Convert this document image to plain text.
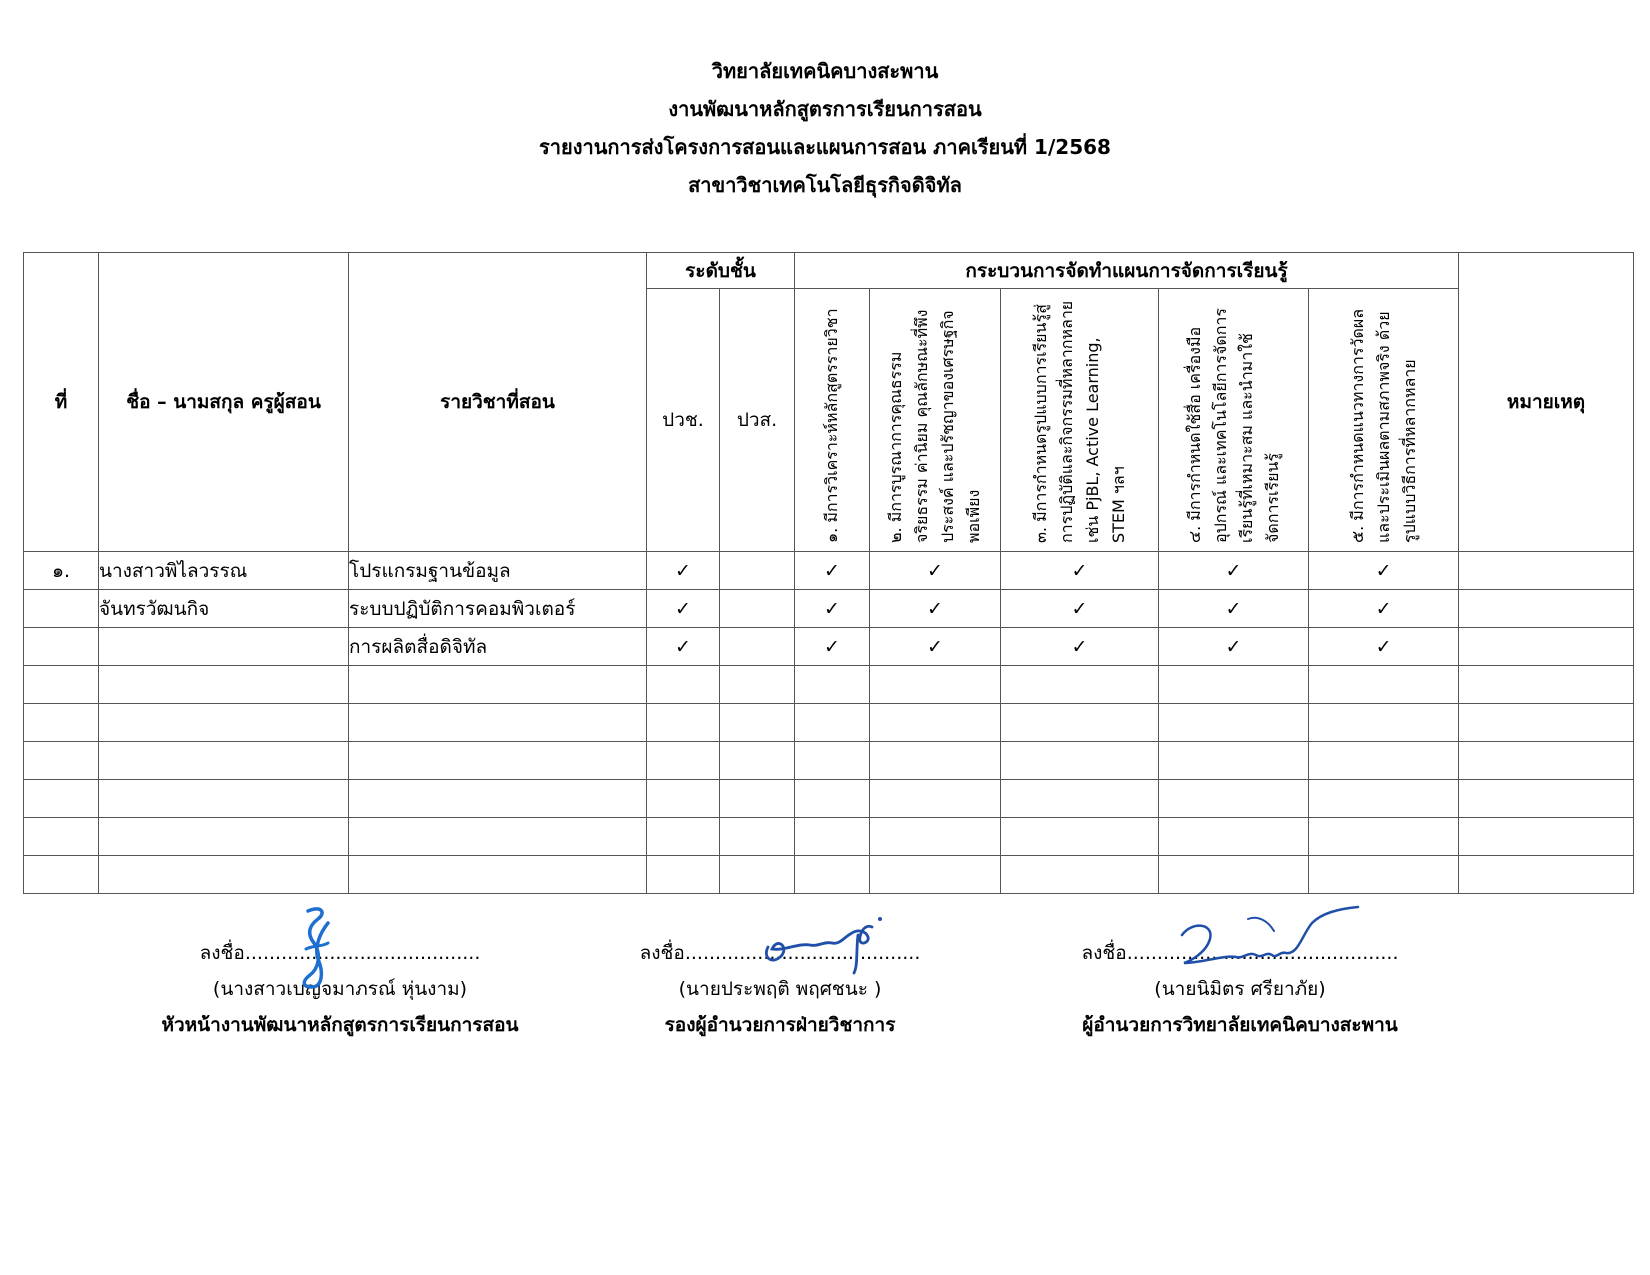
วิทยาลัยเทคนิคบางสะพาน
งานพัฒนาหลักสูตรการเรียนการสอน
รายงานการส่งโครงการสอนและแผนการสอน ภาคเรียนที่ 1/2568
สาขาวิชาเทคโนโลยีธุรกิจดิจิทัล
ที่	ชื่อ – นามสกุล ครูผู้สอน	รายวิชาที่สอน	ระดับชั้น		กระบวนการจัดทำแผนการจัดการเรียนรู้					หมายเหตุ
			ปวช.	ปวส.	๑. มีการวิเคราะห์หลักสูตรรายวิชา	๒. มีการบูรณาการคุณธรรม จริยธรรม ค่านิยม คุณลักษณะที่พึงประสงค์ และปรัชญาของเศรษฐกิจพอเพียง	๓. มีการกำหนดรูปแบบการเรียนรู้สู่การปฏิบัติและกิจกรรมที่หลากหลาย เช่น PjBL, Active Learning, STEM ฯลฯ	๔. มีการกำหนดใช้สื่อ เครื่องมือ อุปกรณ์ และเทคโนโลยีการจัดการเรียนรู้ที่เหมาะสม และนำมาใช้จัดการเรียนรู้	๕. มีการกำหนดแนวทางการวัดผลและประเมินผลตามสภาพจริง ด้วยรูปแบบวิธีการที่หลากหลาย	

๑.	นางสาวพิไลวรรณ	โปรแกรมฐานข้อมูล	✓		✓	✓	✓	✓	✓	
	จันทรวัฒนกิจ	ระบบปฏิบัติการคอมพิวเตอร์	✓		✓	✓	✓	✓	✓	
		การผลิตสื่อดิจิทัล	✓		✓	✓	✓	✓	✓	

ลงชื่อ.......................................
(นางสาวเบญจมาภรณ์ หุ่นงาม)
หัวหน้างานพัฒนาหลักสูตรการเรียนการสอน
ลงชื่อ.......................................
(นายประพฤติ พฤศชนะ )
รองผู้อำนวยการฝ่ายวิชาการ
ลงชื่อ.............................................
(นายนิมิตร ศรียาภัย)
ผู้อำนวยการวิทยาลัยเทคนิคบางสะพาน
